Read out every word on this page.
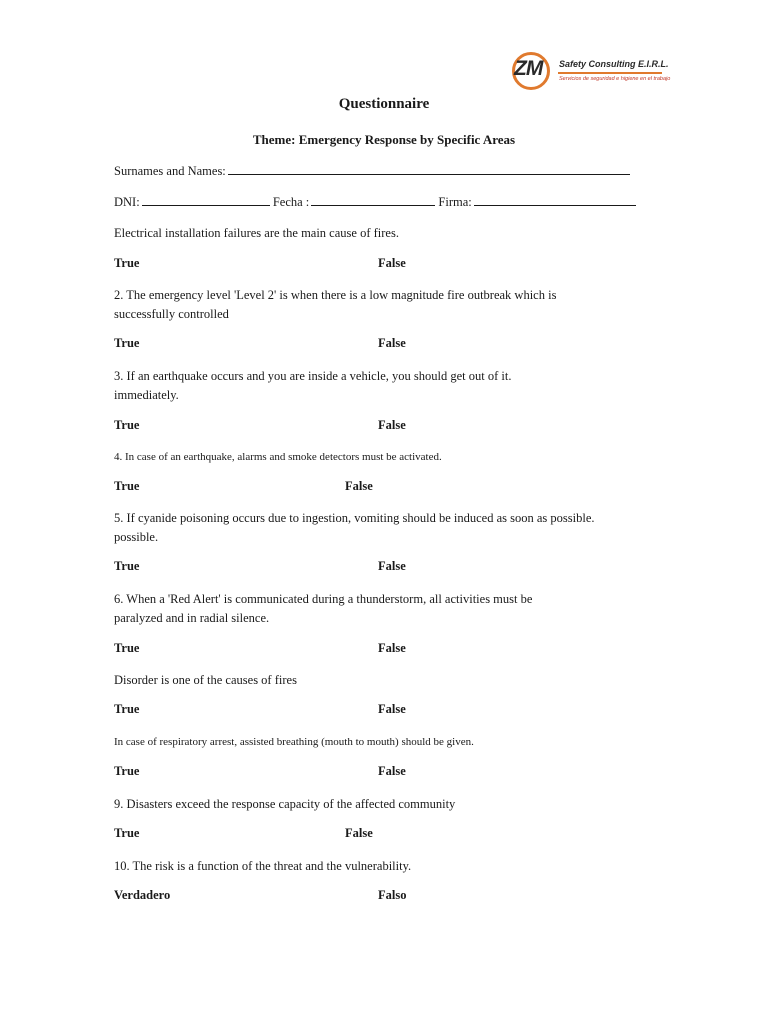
ZM	Safety Consulting E.I.R.L.
Servicios de seguridad e higiene en el trabajo
Questionnaire
Theme: Emergency Response by Specific Areas
Surnames and Names:
DNI:	Fecha :	Firma:
Electrical installation failures are the main cause of fires.
True	False
2. The emergency level 'Level 2' is when there is a low magnitude fire outbreak which is successfully controlled
True	False
3. If an earthquake occurs and you are inside a vehicle, you should get out of it. immediately.
True	False
4. In case of an earthquake, alarms and smoke detectors must be activated.
True	False
5. If cyanide poisoning occurs due to ingestion, vomiting should be induced as soon as possible. possible.
True	False
6. When a 'Red Alert' is communicated during a thunderstorm, all activities must be paralyzed and in radial silence.
True	False
Disorder is one of the causes of fires
True	False
In case of respiratory arrest, assisted breathing (mouth to mouth) should be given.
True	False
9. Disasters exceed the response capacity of the affected community
True	False
10. The risk is a function of the threat and the vulnerability.
Verdadero	Falso
